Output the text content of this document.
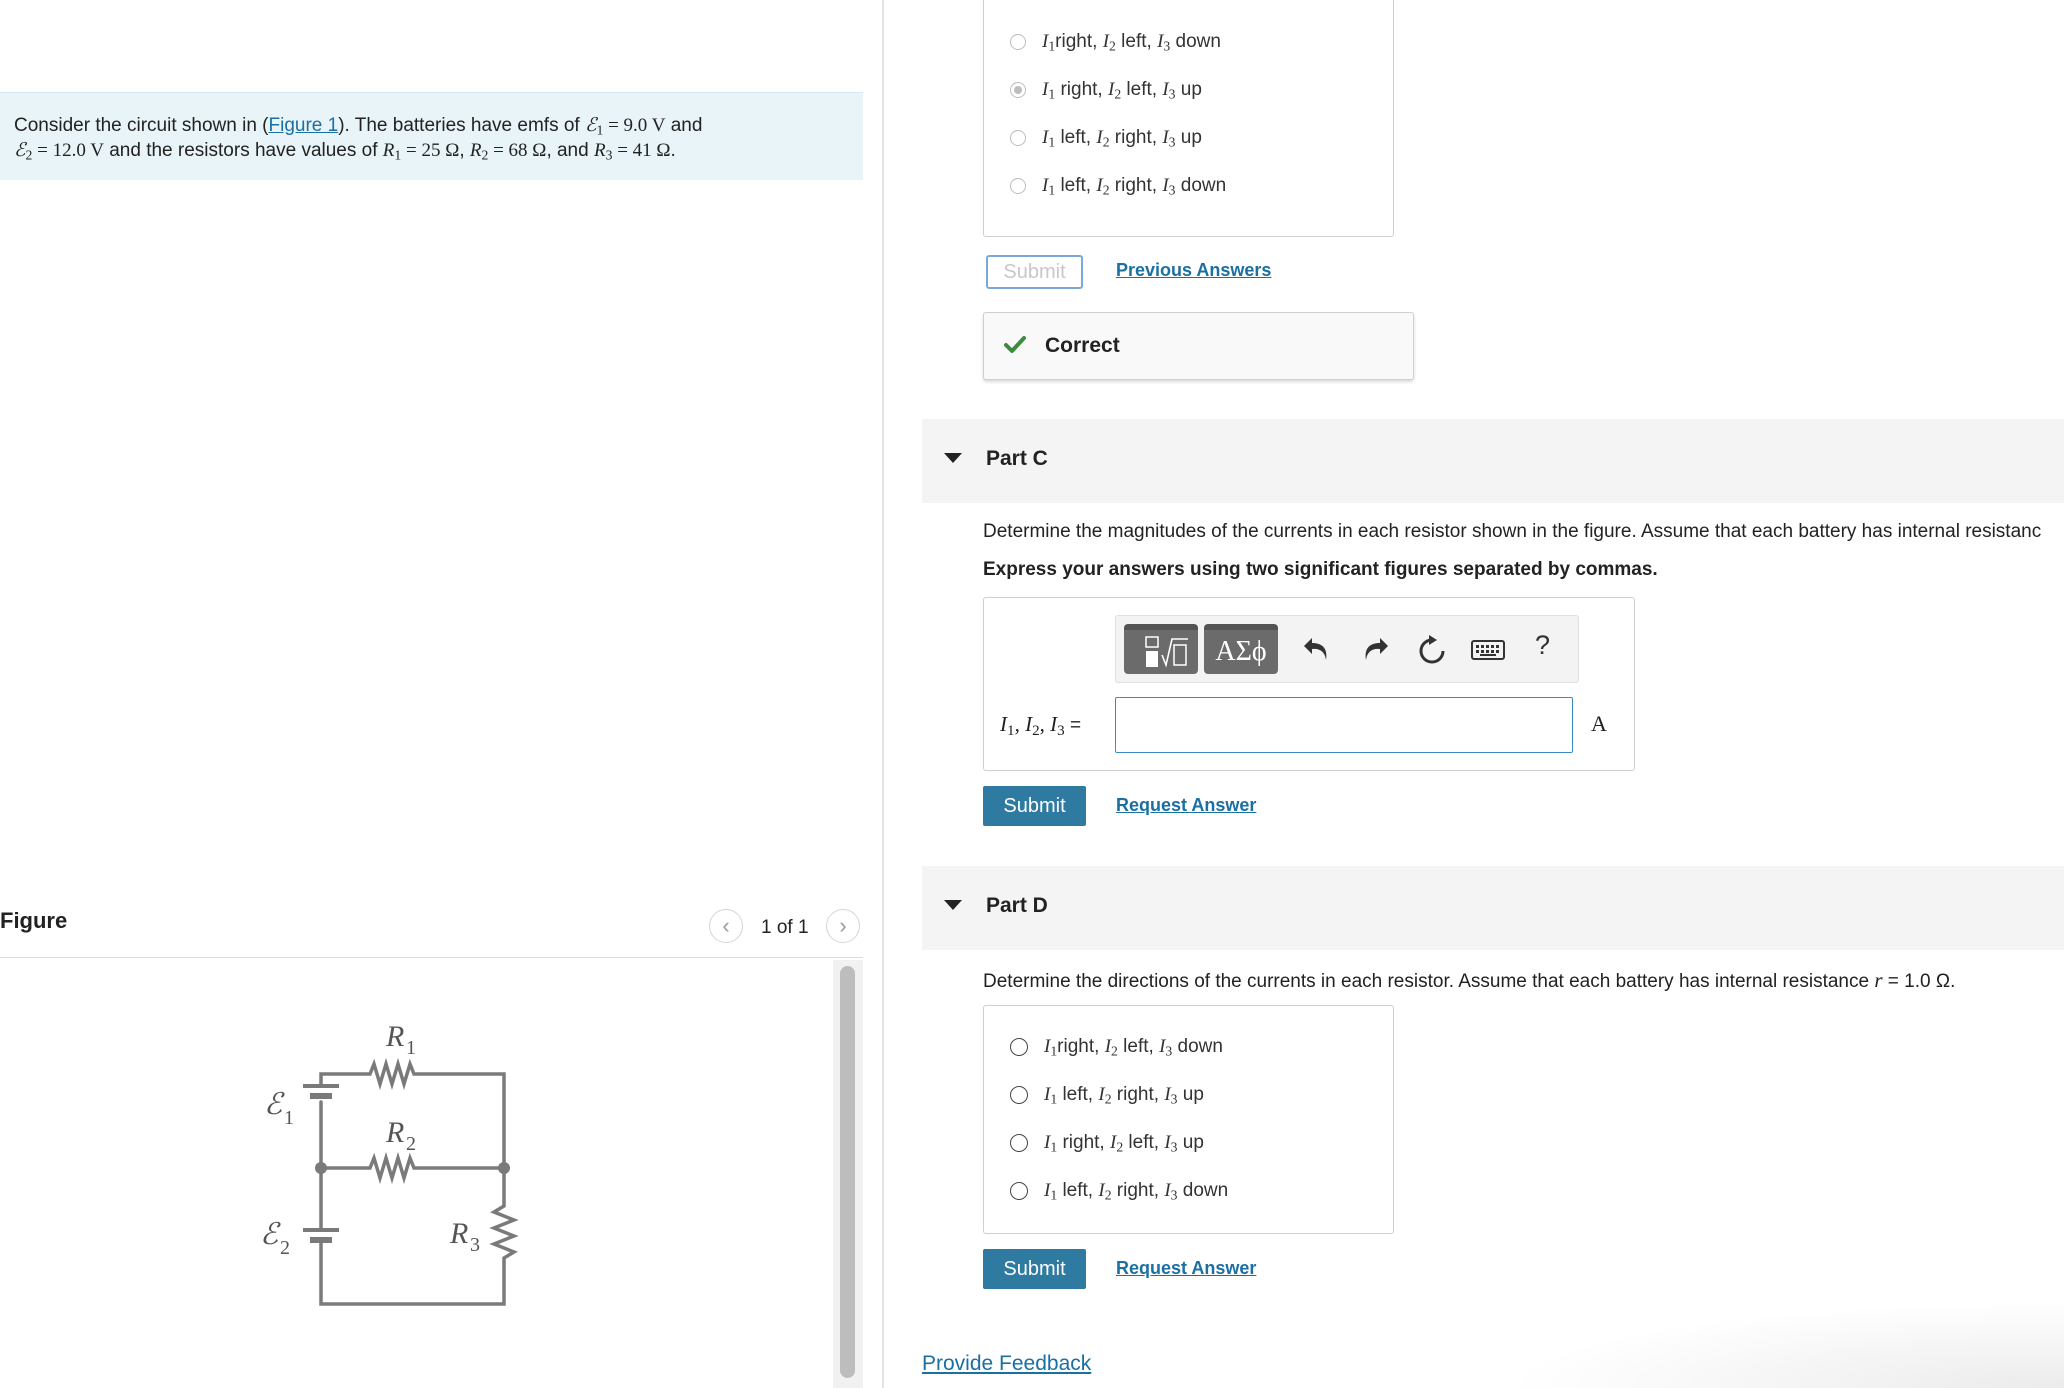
Consider the circuit shown in (Figure 1). The batteries have emfs of ℰ$_1$ = 9.0 V and
ℰ$_2$ = 12.0 V and the resistors have values of $R_1 = 25$ Ω, $R_2 = 68$ Ω, and $R_3 = 41$ Ω.
Figure	‹	1 of 1	›
R 1
R 2
R 3
ℰ 1
ℰ 2
$I_1right$, $I_2$ left, $I_3$ down
$I_1$ right, $I_2$ left, $I_3$ up
$I_1$ left, $I_2$ right, $I_3$ up
$I_1$ left, $I_2$ right, $I_3$ down
Submit	Previous Answers
Correct
Part C
Determine the magnitudes of the currents in each resistor shown in the figure. Assume that each battery has internal resistanc
Express your answers using two significant figures separated by commas.
ΑΣϕ	?
$I_1$, $I_2$, $I_3$ =	A
Submit	Request Answer
Part D
Determine the directions of the currents in each resistor. Assume that each battery has internal resistance r = 1.0 Ω.
$I_1right$, $I_2$ left, $I_3$ down
$I_1$ left, $I_2$ right, $I_3$ up
$I_1$ right, $I_2$ left, $I_3$ up
$I_1$ left, $I_2$ right, $I_3$ down
Submit	Request Answer
Provide Feedback
